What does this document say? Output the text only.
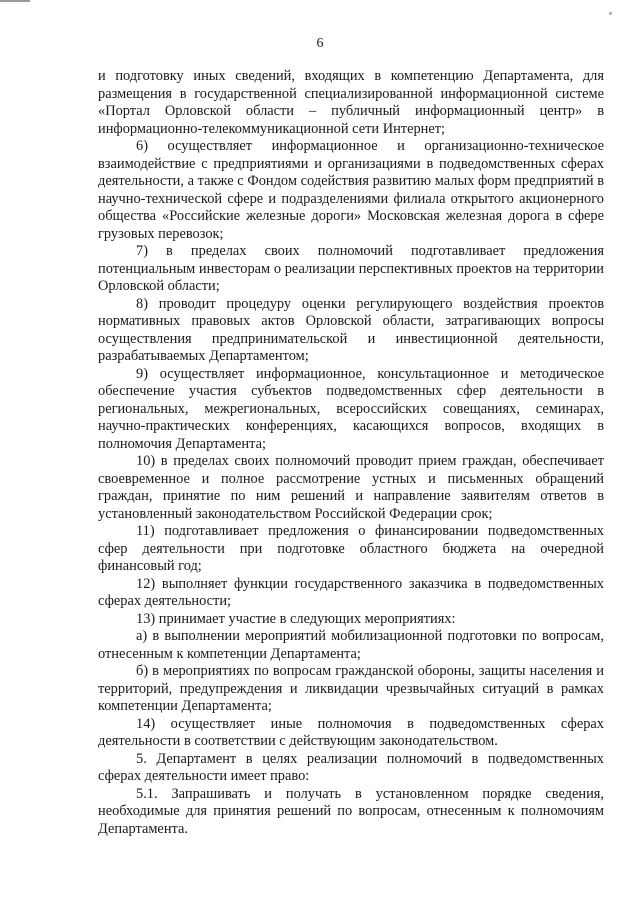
6

и подготовку иных сведений, входящих в компетенцию Департамента, для размещения в государственной специализированной информационной системе «Портал Орловской области – публичный информационный центр» в информационно-телекоммуникационной сети Интернет;

6) осуществляет информационное и организационно-техническое взаимодействие с предприятиями и организациями в подведомственных сферах деятельности, а также с Фондом содействия развитию малых форм предприятий в научно-технической сфере и подразделениями филиала открытого акционерного общества «Российские железные дороги» Московская железная дорога в сфере грузовых перевозок;

7) в пределах своих полномочий подготавливает предложения потенциальным инвесторам о реализации перспективных проектов на территории Орловской области;

8) проводит процедуру оценки регулирующего воздействия проектов нормативных правовых актов Орловской области, затрагивающих вопросы осуществления предпринимательской и инвестиционной деятельности, разрабатываемых Департаментом;

9) осуществляет информационное, консультационное и методическое обеспечение участия субъектов подведомственных сфер деятельности в региональных, межрегиональных, всероссийских совещаниях, семинарах, научно-практических конференциях, касающихся вопросов, входящих в полномочия Департамента;

10) в пределах своих полномочий проводит прием граждан, обеспечивает своевременное и полное рассмотрение устных и письменных обращений граждан, принятие по ним решений и направление заявителям ответов в установленный законодательством Российской Федерации срок;

11) подготавливает предложения о финансировании подведомственных сфер деятельности при подготовке областного бюджета на очередной финансовый год;

12) выполняет функции государственного заказчика в подведомственных сферах деятельности;

13) принимает участие в следующих мероприятиях:

а) в выполнении мероприятий мобилизационной подготовки по вопросам, отнесенным к компетенции Департамента;

б) в мероприятиях по вопросам гражданской обороны, защиты населения и территорий, предупреждения и ликвидации чрезвычайных ситуаций в рамках компетенции Департамента;

14) осуществляет иные полномочия в подведомственных сферах деятельности в соответствии с действующим законодательством.

5. Департамент в целях реализации полномочий в подведомственных сферах деятельности имеет право:

5.1. Запрашивать и получать в установленном порядке сведения, необходимые для принятия решений по вопросам, отнесенным к полномочиям Департамента.
